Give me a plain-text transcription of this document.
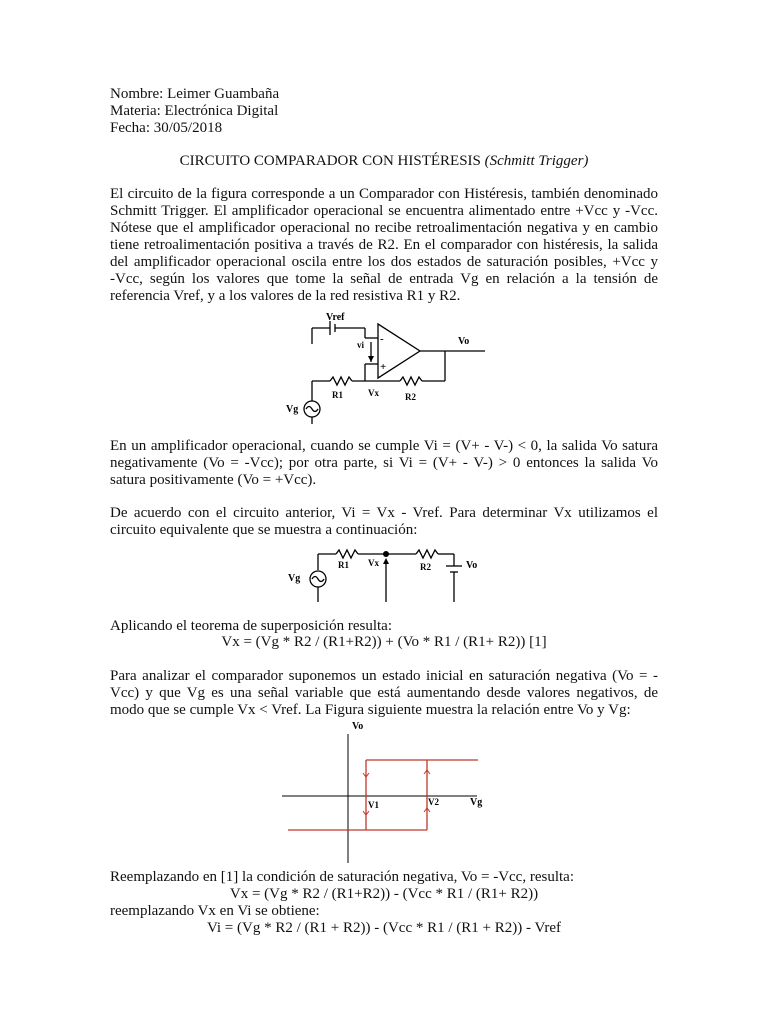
Nombre: Leimer Guambaña
Materia: Electrónica Digital
Fecha: 30/05/2018
CIRCUITO COMPARADOR CON HISTÉRESIS (Schmitt Trigger)
El circuito de la figura corresponde a un Comparador con Histéresis, también denominado
Schmitt Trigger. El amplificador operacional se encuentra alimentado entre +Vcc y -Vcc.
Nótese que el amplificador operacional no recibe retroalimentación negativa y en cambio
tiene retroalimentación positiva a través de R2. En el comparador con histéresis, la salida
del amplificador operacional oscila entre los dos estados de saturación posibles, +Vcc y
-Vcc, según los valores que tome la señal de entrada Vg en relación a la tensión de
referencia Vref, y a los valores de la red resistiva R1 y R2.
Vref
vi -
+
Vo
R1	Vx	R2
Vg
En un amplificador operacional, cuando se cumple Vi = (V+ - V-) < 0, la salida Vo satura
negativamente (Vo = -Vcc); por otra parte, si Vi = (V+ - V-) > 0 entonces la salida Vo
satura positivamente (Vo = +Vcc).
De acuerdo con el circuito anterior, Vi = Vx - Vref. Para determinar Vx utilizamos el
circuito equivalente que se muestra a continuación:
R1 Vx	R2	Vo
Vg
Aplicando el teorema de superposición resulta:
Vx = (Vg * R2 / (R1+R2)) + (Vo * R1 / (R1+ R2)) [1]
Para analizar el comparador suponemos un estado inicial en saturación negativa (Vo = -
Vcc) y que Vg es una señal variable que está aumentando desde valores negativos, de
modo que se cumple Vx < Vref. La Figura siguiente muestra la relación entre Vo y Vg:
Vo
Vg
V1	V2
Reemplazando en [1] la condición de saturación negativa, Vo = -Vcc, resulta:
Vx = (Vg * R2 / (R1+R2)) - (Vcc * R1 / (R1+ R2))
reemplazando Vx en Vi se obtiene:
Vi = (Vg * R2 / (R1 + R2)) - (Vcc * R1 / (R1 + R2)) - Vref
